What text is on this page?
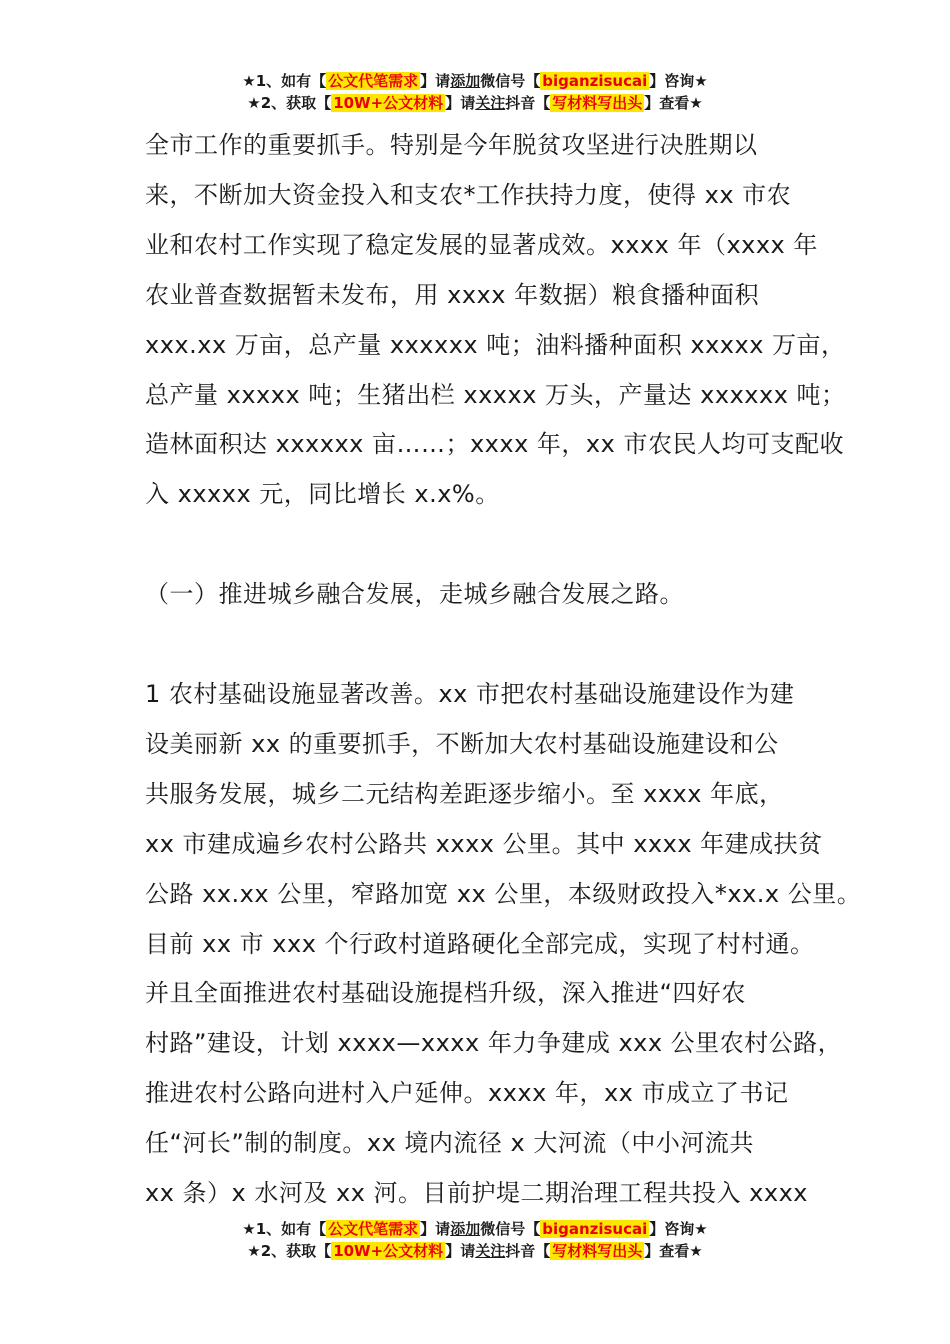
★1、如有【 公文代笔需求 】请添加微信号【 biganzisucai 】咨询★
★2、获取【 10W+公文材料 】请关注抖音【 写材料写出头 】查看★

全市工作的重要抓手。特别是今年脱贫攻坚进行决胜期以

来，不断加大资金投入和支农*工作扶持力度，使得 xx 市农

业和农村工作实现了稳定发展的显著成效。xxxx 年（xxxx 年

农业普查数据暂未发布，用 xxxx 年数据）粮食播种面积

xxx.xx 万亩，总产量 xxxxxx 吨；油料播种面积 xxxxx 万亩，

总产量 xxxxx 吨；生猪出栏 xxxxx 万头，产量达 xxxxxx 吨；

造林面积达 xxxxxx 亩……；xxxx 年，xx 市农民人均可支配收

入 xxxxx 元，同比增长 x.x%。

（一）推进城乡融合发展，走城乡融合发展之路。

1 农村基础设施显著改善。xx 市把农村基础设施建设作为建

设美丽新 xx 的重要抓手，不断加大农村基础设施建设和公

共服务发展，城乡二元结构差距逐步缩小。至 xxxx 年底，

xx 市建成遍乡农村公路共 xxxx 公里。其中 xxxx 年建成扶贫

公路 xx.xx 公里，窄路加宽 xx 公里，本级财政投入*xx.x 公里。

目前 xx 市 xxx 个行政村道路硬化全部完成，实现了村村通。

并且全面推进农村基础设施提档升级，深入推进“四好农

村路”建设，计划 xxxx—xxxx 年力争建成 xxx 公里农村公路，

推进农村公路向进村入户延伸。xxxx 年，xx 市成立了书记

任“河长”制的制度。xx 境内流径 x 大河流（中小河流共

xx 条）x 水河及 xx 河。目前护堤二期治理工程共投入 xxxx

★1、如有【 公文代笔需求 】请添加微信号【 biganzisucai 】咨询★
★2、获取【 10W+公文材料 】请关注抖音【 写材料写出头 】查看★
